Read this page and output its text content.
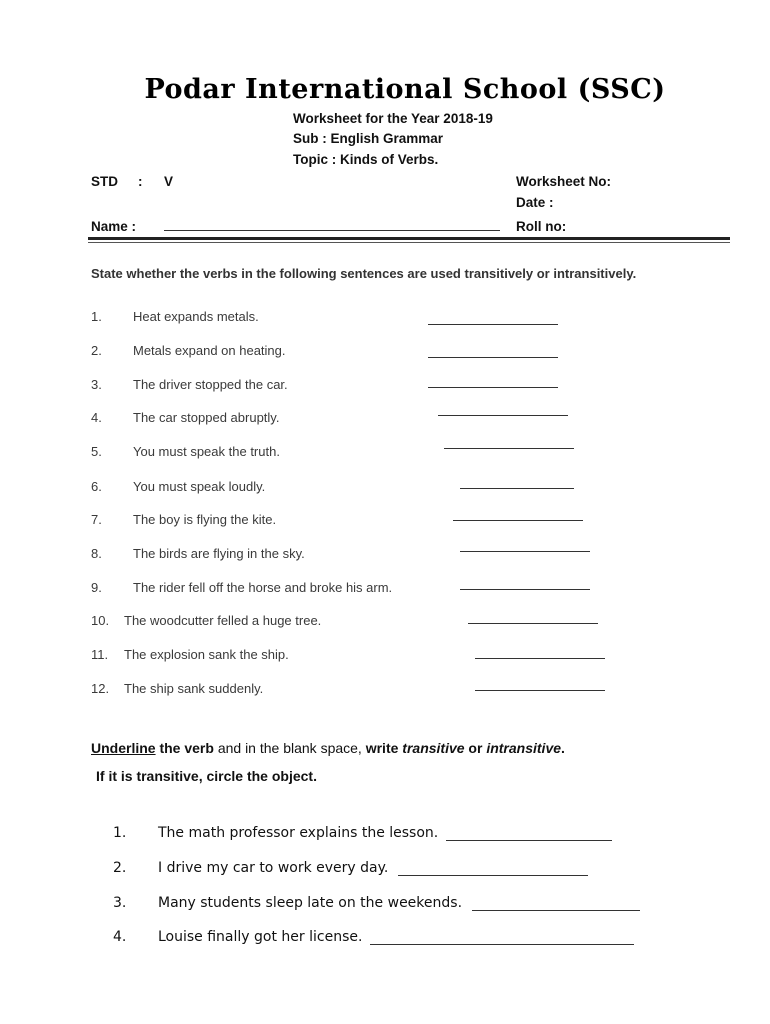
Podar International School (SSC)
Worksheet for the Year 2018-19
Sub : English Grammar
Topic : Kinds of Verbs.
STD : V	Worksheet No:
Date :
Name :	Roll no:
State whether the verbs in the following sentences are used transitively or intransitively.
1. Heat expands metals.
2. Metals expand on heating.
3. The driver stopped the car.
4. The car stopped abruptly.
5. You must speak the truth.
6. You must speak loudly.
7. The boy is flying the kite.
8. The birds are flying in the sky.
9. The rider fell off the horse and broke his arm.
10. The woodcutter felled a huge tree.
11. The explosion sank the ship.
12. The ship sank suddenly.
Underline the verb and in the blank space, write transitive or intransitive.
If it is transitive, circle the object.
1. The math professor explains the lesson.
2. I drive my car to work every day.
3. Many students sleep late on the weekends.
4. Louise finally got her license.
